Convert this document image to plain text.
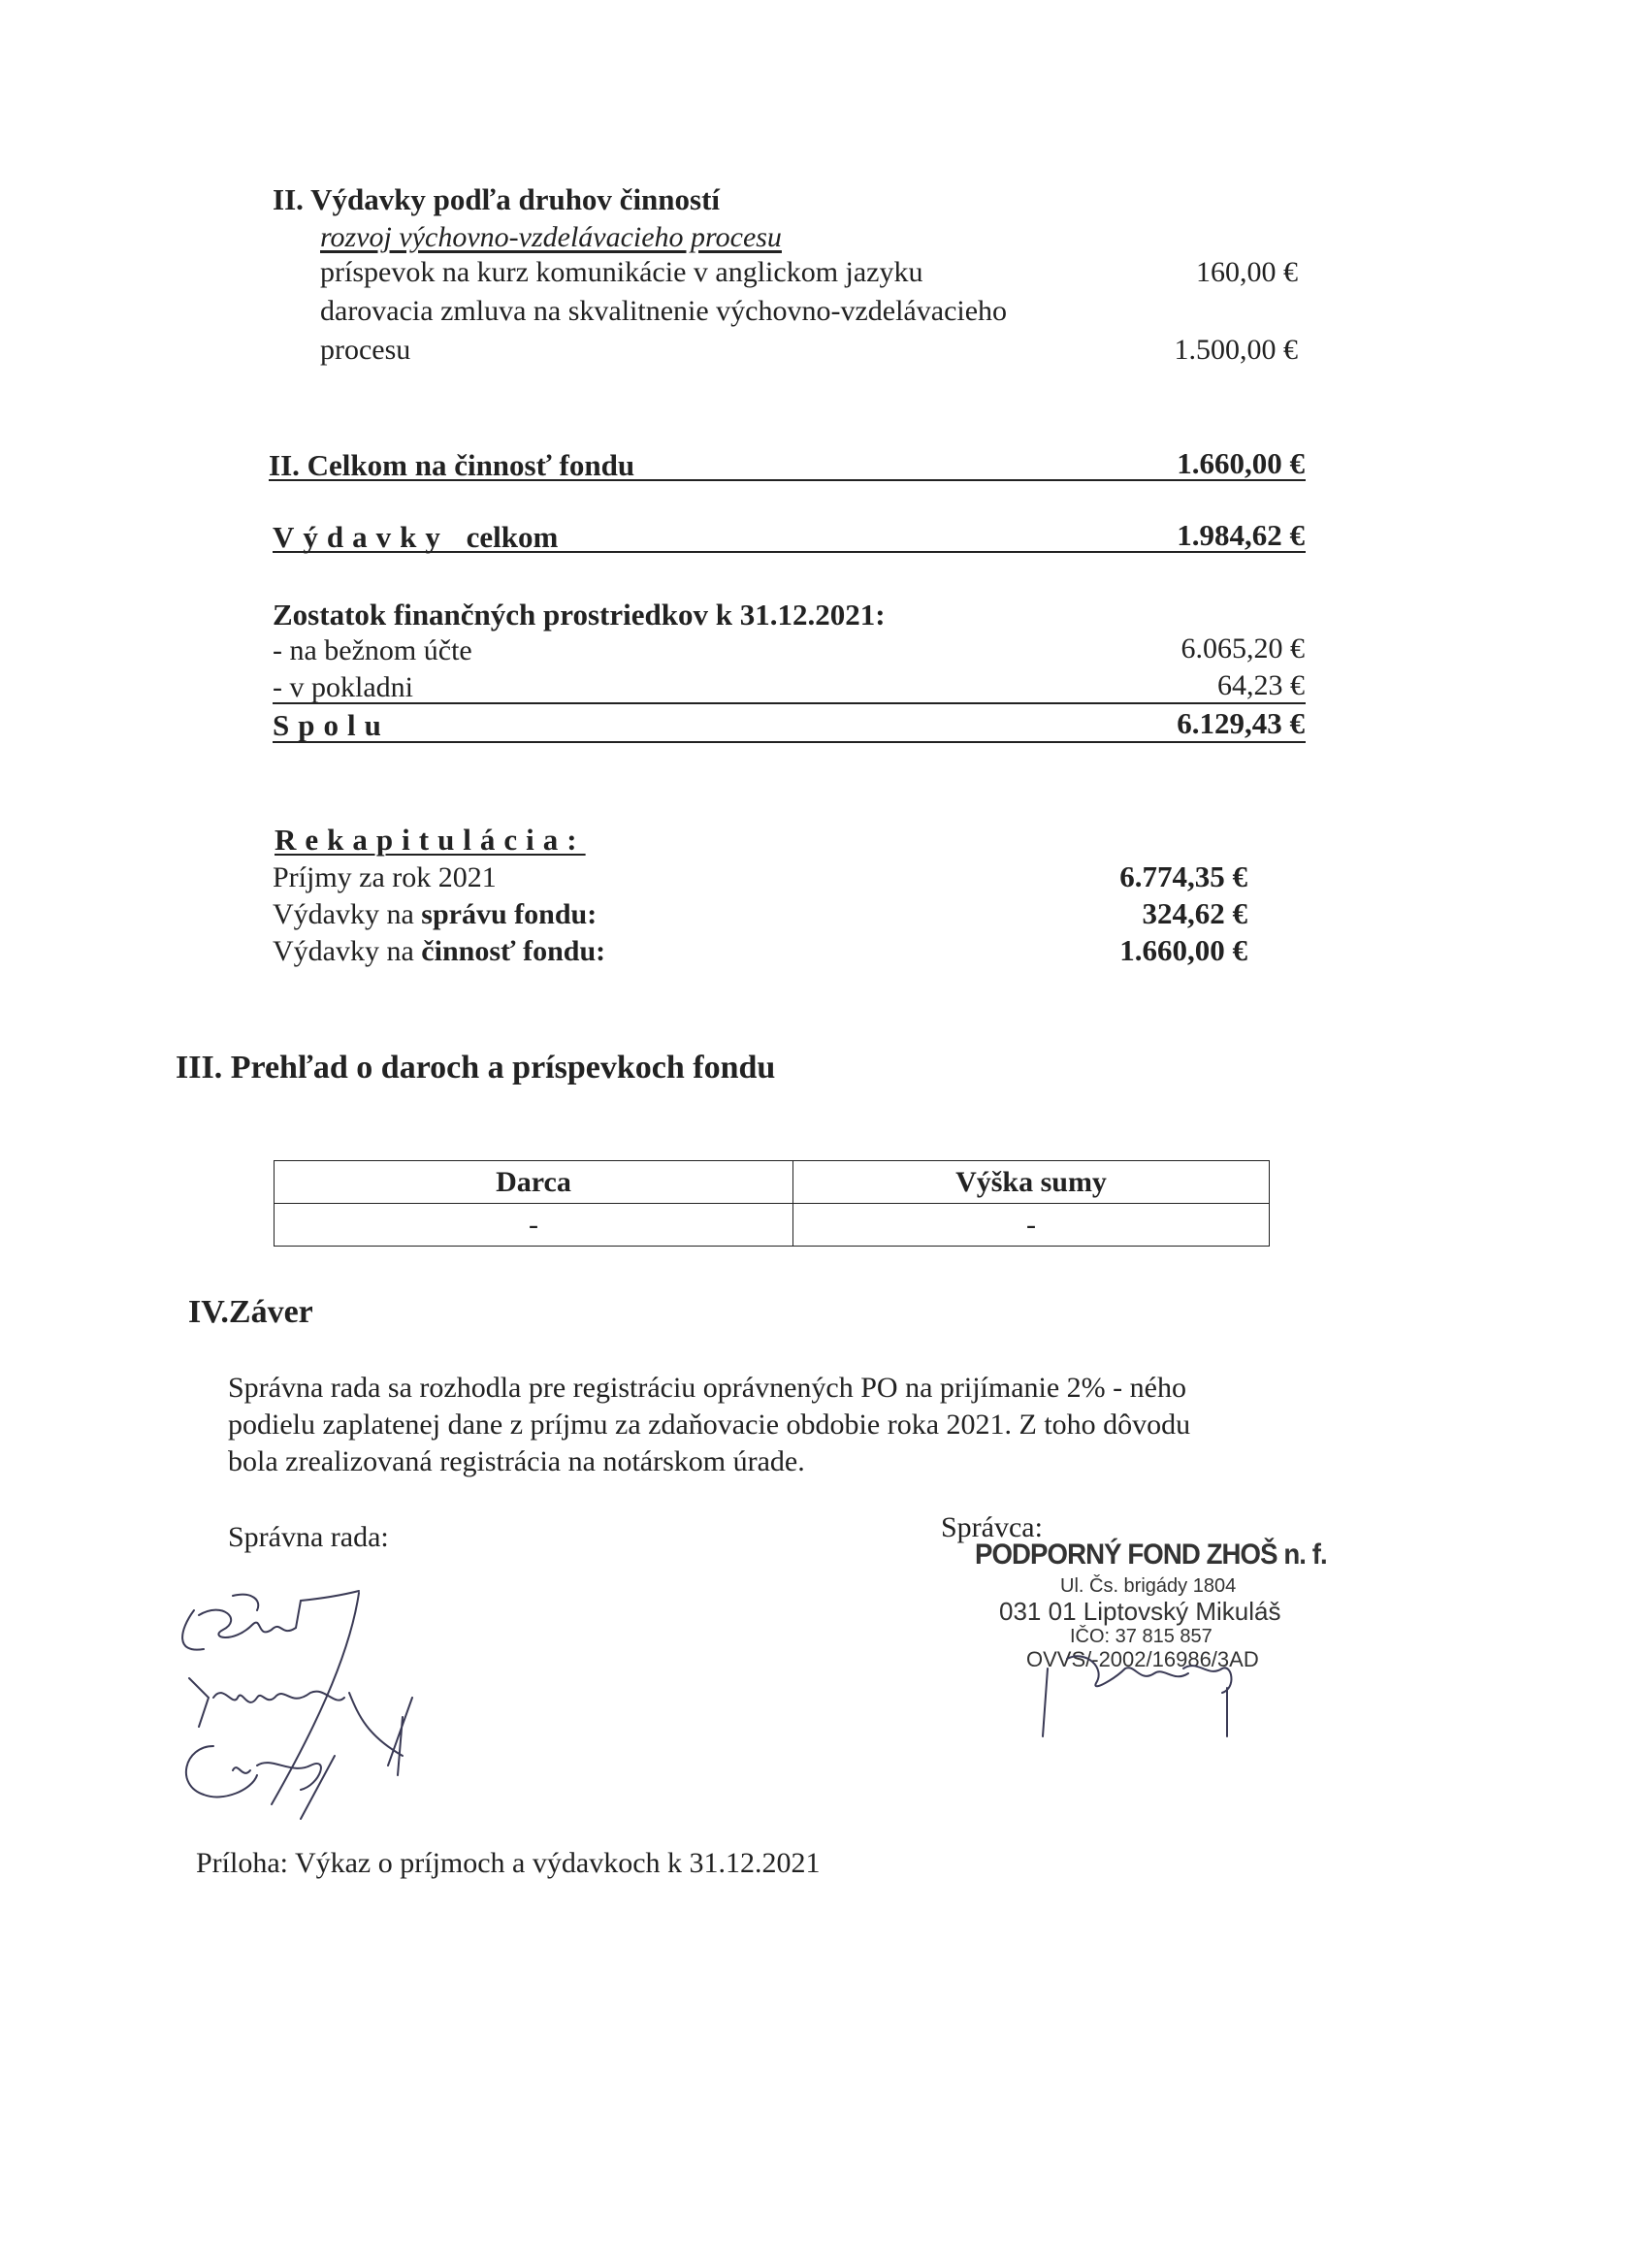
II. Výdavky podľa druhov činností
rozvoj výchovno-vzdelávacieho procesu
príspevok na kurz komunikácie v anglickom jazyku	160,00 €
darovacia zmluva na skvalitnenie výchovno-vzdelávacieho
procesu	1.500,00 €
II. Celkom na činnosť fondu	1.660,00 €
Výdavky celkom	1.984,62 €
Zostatok finančných prostriedkov k 31.12.2021:
- na bežnom účte	6.065,20 €
- v pokladni	64,23 €
Spolu	6.129,43 €
Rekapitulácia:
Príjmy za rok 2021	6.774,35 €
Výdavky na správu fondu:	324,62 €
Výdavky na činnosť fondu:	1.660,00 €
III. Prehľad o daroch a príspevkoch fondu
Darca	Výška sumy
-	-
IV.Záver
Správna rada sa rozhodla pre registráciu oprávnených PO na prijímanie 2% - ného
podielu zaplatenej dane z príjmu za zdaňovacie obdobie roka 2021. Z toho dôvodu
bola zrealizovaná registrácia na notárskom úrade.
Správna rada:	Správca:
PODPORNÝ FOND ZHOŠ n. f.
Ul. Čs. brigády 1804
031 01 Liptovský Mikuláš
IČO: 37 815 857
OVVS/-2002/16986/3AD
Príloha: Výkaz o príjmoch a výdavkoch k 31.12.2021
